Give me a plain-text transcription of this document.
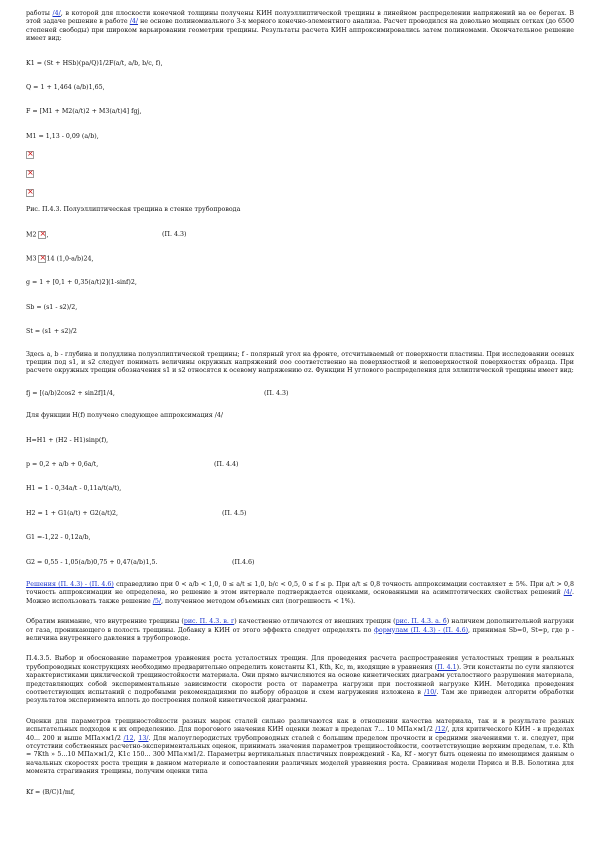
работы /4/, в которой для плоскости конечной толщины получены КИН полуэллиптической трещины в линейном распределении напряжений на ее берегах. В этой задаче решение в работе /4/ не основе полиномиального 3-х мерного конечно-элементного анализа. Расчет проводился на довольно мощных сетках (до 6500 степеней свободы) при широком варьировании геометрии трещины. Результаты расчета КИН аппроксимировались затем полиномами. Окончательное решение имеет вид:

K1 = (St + HSb)(pa/Q)1/2F(a/t, a/b, b/c, f),
Q = 1 + 1,464 (a/b)1,65,
F = [M1 + M2(a/t)2 + M3(a/t)4] fgj,
M1 = 1,13 - 0,09 (a/b),
×
×
×

Рис. П.4.3. Полуэллиптическая трещина в стенке трубопровода

M2 ×,	(П. 4.3)
M3 ×14 (1,0-a/b)24,
g = 1 + [0,1 + 0,35(a/t)2](1-sinf)2,
Sb = (s1 - s2)/2,
St = (s1 + s2)/2

Здесь a, b - глубина и полудлина полуэллиптической трещины; f - полярный угол на фронте, отсчитываемый от поверхности пластины. При исследовании осевых трещин под s1, и s2 следует понимать величины окружных напряжений σoo соответственно на поверхностной и неповерхностной поверхностях образца. При расчете окружных трещин обозначения s1 и s2 относятся к осевому напряжению σz. Функции H углового распределения для эллиптической трещины имеет вид:

fj = [(a/b)2cos2 + sin2f]1/4,	(П. 4.3)

Для функции H(f) получено следующее аппроксимация /4/

H=H1 + (H2 - H1)sinp(f),
p = 0,2 + a/b + 0,6a/t,	(П. 4.4)
H1 = 1 - 0,34a/t - 0,11a/t(a/t),
H2 = 1 + G1(a/t) + G2(a/t)2,	(П. 4.5)
G1 =-1,22 - 0,12a/b,
G2 = 0,55 - 1,05(a/b)0,75 + 0,47(a/b)1,5.	(П.4.6)

Решения (П. 4.3) - (П. 4.6) справедливо при 0 < a/b < 1,0, 0 ≤ a/t ≤ 1,0, b/c < 0,5, 0 ≤ f ≤ p. При a/t ≤ 0,8 точность аппроксимации составляет ± 5%. При a/t > 0,8 точность аппроксимации не определена, но решение в этом интервале подтверждается оценками, основанными на асимптотических свойствах решений /4/. Можно использовать также решение /5/, полученное методом объемных сил (погрешность < 1%).

Обратим внимание, что внутренние трещины (рис. П. 4.3. в. г) качественно отличаются от внешних трещин (рис. П. 4.3. а. б) наличием дополнительной нагрузки от газа, проникающего в полость трещины. Добавку в КИН от этого эффекта следует определять по формулам (П. 4.3) - (П. 4.6), принимая Sb=0, St=p, где p - величина внутреннего давления в трубопроводе.

П.4.3.5. Выбор и обоснование параметров уравнения роста усталостных трещин. Для проведения расчета распространения усталостных трещин в реальных трубопроводных конструкциях необходимо предварительно определить константы K1, Kth, Kc, m, входящие в уравнения (П. 4.1). Эти константы по сути являются характеристиками циклической трещиностойкости материала. Они прямо вычисляются на основе кинетических диаграмм усталостного разрушения материала, представляющих собой экспериментальные зависимости скорости роста от параметра нагрузки при постоянной нагрузке КИН. Методика проведения соответствующих испытаний с подробными рекомендациями по выбору образцов и схем нагружения изложена в /10/. Там же приведен алгоритм обработки результатов эксперимента вплоть до построения полной кинетической диаграммы.

Оценки для параметров трещиностойкости разных марок сталей сильно различаются как в отношении качества материала, так и в результате разных испытательных подходов к их определению. Для порогового значения КИН оценки лежат в пределах 7... 10 МПа×м1/2 /12/, для критического КИН - в пределах 40... 200 и выше МПа×м1/2 /12, 13/. Для малоуглеродистых трубопроводных сталей с большим пределом прочности и средними значениями τ. и. следует, при отсутствии собственных расчетно-экспериментальных оценок, принимать значения параметров трещиностойкости, соответствующие верхним пределам, т.е. Kth = 7Kth » 5...10 МПа×м1/2, K1c 150... 300 МПа×м1/2. Параметры вертикальных пластичных повреждений - Kа, Kf - могут быть оценены по имеющимся данным о начальных скоростях роста трещин в данном материале и сопоставлении различных моделей уравнения роста. Сравнивая модели Пэриса и В.В. Болотина для момента страгивания трещины, получим оценки типа

Kf = (B/C)1/mf,
